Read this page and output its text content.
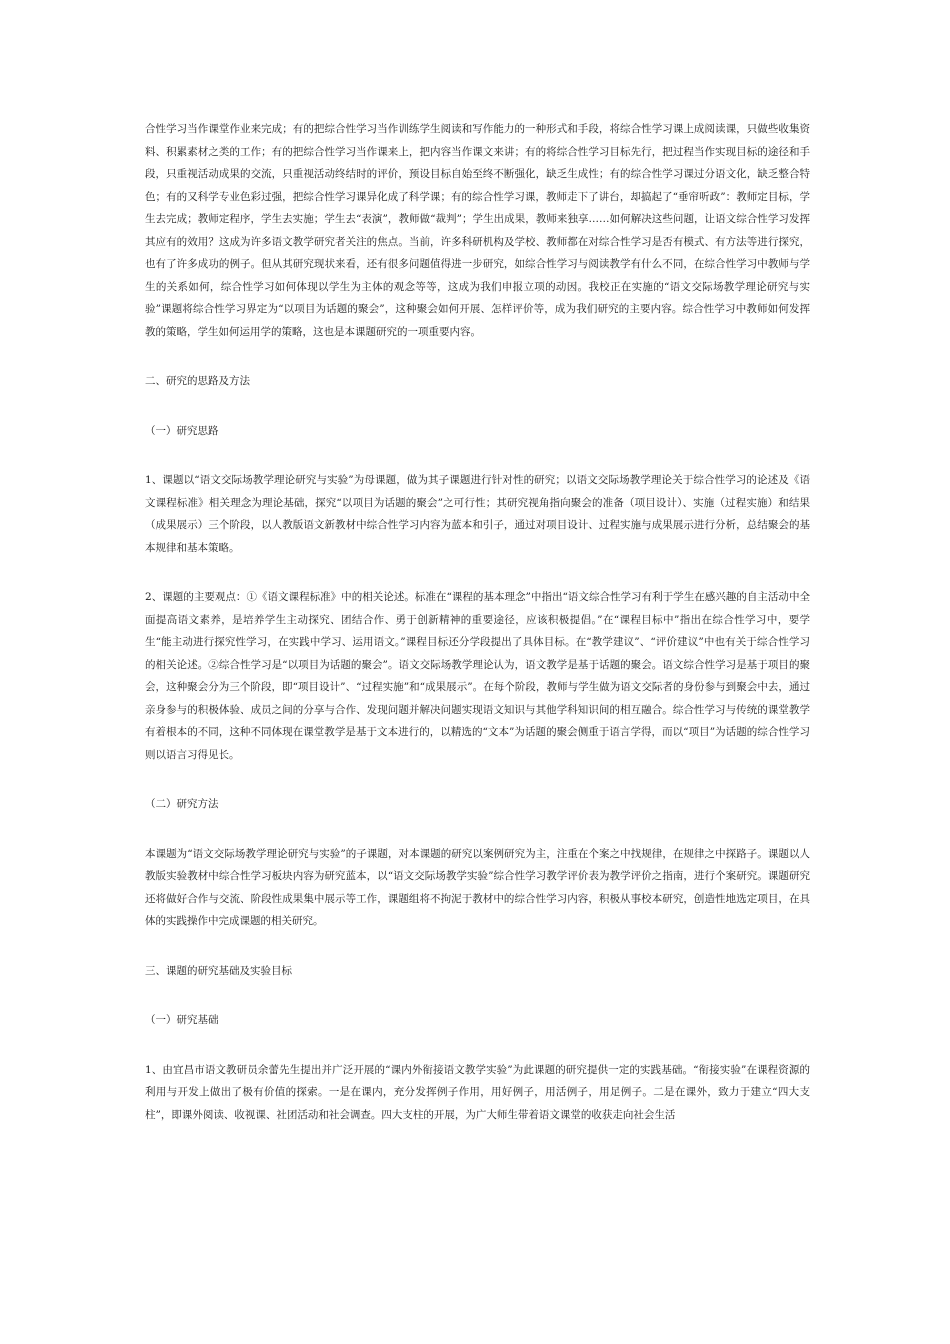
合性学习当作课堂作业来完成；有的把综合性学习当作训练学生阅读和写作能力的一种形式和手段，将综合性学习课上成阅读课，只做些收集资料、积累素材之类的工作；有的把综合性学习当作课来上，把内容当作课文来讲；有的将综合性学习目标先行，把过程当作实现目标的途径和手段，只重视活动成果的交流，只重视活动终结时的评价，预设目标自始至终不断强化，缺乏生成性；有的综合性学习课过分语文化，缺乏整合特色；有的又科学专业色彩过强，把综合性学习课异化成了科学课；有的综合性学习课，教师走下了讲台，却搞起了“垂帘听政”：教师定目标，学生去完成；教师定程序，学生去实施；学生去“表演”，教师做“裁判”；学生出成果，教师来独享……如何解决这些问题，让语文综合性学习发挥其应有的效用？这成为许多语文教学研究者关注的焦点。当前，许多科研机构及学校、教师都在对综合性学习是否有模式、有方法等进行探究，也有了许多成功的例子。但从其研究现状来看，还有很多问题值得进一步研究，如综合性学习与阅读教学有什么不同，在综合性学习中教师与学生的关系如何，综合性学习如何体现以学生为主体的观念等等，这成为我们申报立项的动因。我校正在实施的“语文交际场教学理论研究与实验”课题将综合性学习界定为“以项目为话题的聚会”，这种聚会如何开展、怎样评价等，成为我们研究的主要内容。综合性学习中教师如何发挥教的策略，学生如何运用学的策略，这也是本课题研究的一项重要内容。

二、研究的思路及方法

（一）研究思路

1、课题以“语文交际场教学理论研究与实验”为母课题，做为其子课题进行针对性的研究；以语文交际场教学理论关于综合性学习的论述及《语文课程标准》相关理念为理论基础，探究“以项目为话题的聚会”之可行性；其研究视角指向聚会的准备（项目设计）、实施（过程实施）和结果（成果展示）三个阶段，以人教版语文新教材中综合性学习内容为蓝本和引子，通过对项目设计、过程实施与成果展示进行分析，总结聚会的基本规律和基本策略。

2、课题的主要观点：①《语文课程标准》中的相关论述。标准在“课程的基本理念”中指出“语文综合性学习有利于学生在感兴趣的自主活动中全面提高语文素养，是培养学生主动探究、团结合作、勇于创新精神的重要途径，应该积极提倡。”在“课程目标中”指出在综合性学习中，要学生“能主动进行探究性学习，在实践中学习、运用语文。”课程目标还分学段提出了具体目标。在“教学建议”、“评价建议”中也有关于综合性学习的相关论述。②综合性学习是“以项目为话题的聚会”。语文交际场教学理论认为，语文教学是基于话题的聚会。语文综合性学习是基于项目的聚会，这种聚会分为三个阶段，即“项目设计”、“过程实施”和“成果展示”。在每个阶段，教师与学生做为语文交际者的身份参与到聚会中去，通过亲身参与的积极体验、成员之间的分享与合作、发现问题并解决问题实现语文知识与其他学科知识间的相互融合。综合性学习与传统的课堂教学有着根本的不同，这种不同体现在课堂教学是基于文本进行的，以精选的“文本”为话题的聚会侧重于语言学得，而以“项目”为话题的综合性学习则以语言习得见长。

（二）研究方法

本课题为“语文交际场教学理论研究与实验”的子课题，对本课题的研究以案例研究为主，注重在个案之中找规律，在规律之中探路子。课题以人教版实验教材中综合性学习板块内容为研究蓝本，以“语文交际场教学实验”综合性学习教学评价表为教学评价之指南，进行个案研究。课题研究还将做好合作与交流、阶段性成果集中展示等工作，课题组将不拘泥于教材中的综合性学习内容，积极从事校本研究，创造性地选定项目，在具体的实践操作中完成课题的相关研究。

三、课题的研究基础及实验目标

（一）研究基础

1、由宜昌市语文教研员余蕾先生提出并广泛开展的“课内外衔接语文教学实验”为此课题的研究提供一定的实践基础。“衔接实验”在课程资源的利用与开发上做出了极有价值的探索。一是在课内，充分发挥例子作用，用好例子，用活例子，用足例子。二是在课外，致力于建立“四大支柱”，即课外阅读、收视课、社团活动和社会调查。四大支柱的开展，为广大师生带着语文课堂的收获走向社会生活
